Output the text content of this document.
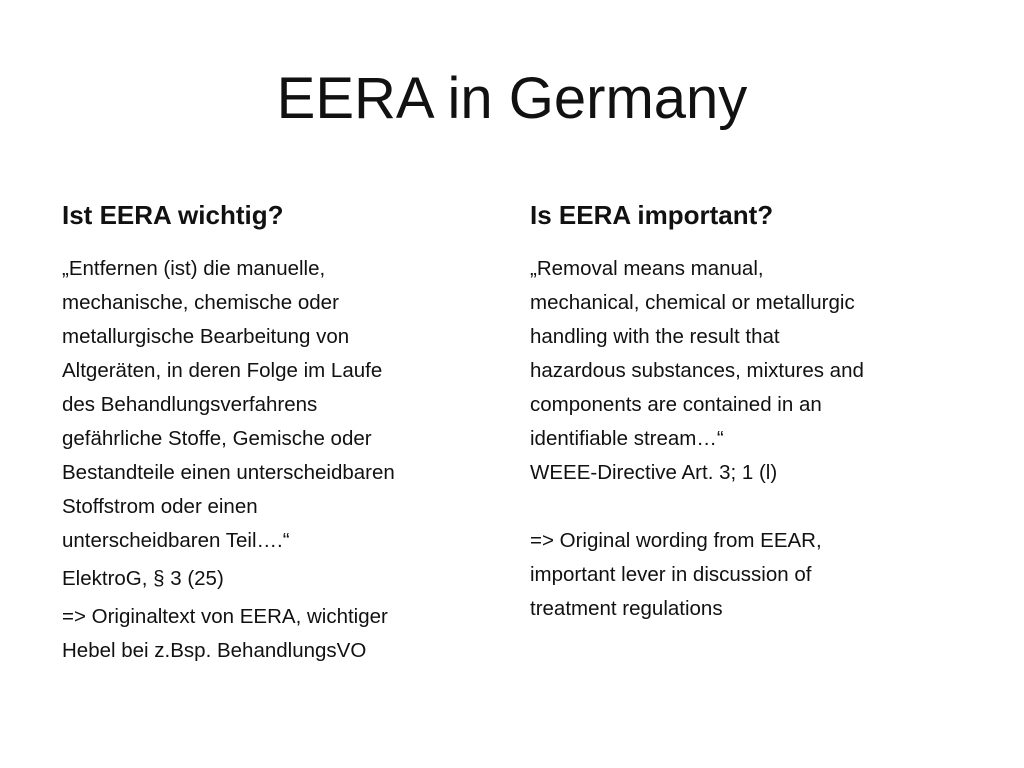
EERA in Germany
Ist EERA wichtig?

„Entfernen (ist) die manuelle,
mechanische, chemische oder
metallurgische Bearbeitung von
Altgeräten, in deren Folge im Laufe
des Behandlungsverfahrens
gefährliche Stoffe, Gemische oder
Bestandteile einen unterscheidbaren
Stoffstrom oder einen
unterscheidbaren Teil….“

ElektroG, § 3 (25)

=> Originaltext von EERA, wichtiger
Hebel bei z.Bsp. BehandlungsVO

Is EERA important?

„Removal means manual,
mechanical, chemical or metallurgic
handling with the result that
hazardous substances, mixtures and
components are contained in an
identifiable stream…“
WEEE-Directive Art. 3; 1 (l)

=> Original wording from EEAR,
important lever in discussion of
treatment regulations
